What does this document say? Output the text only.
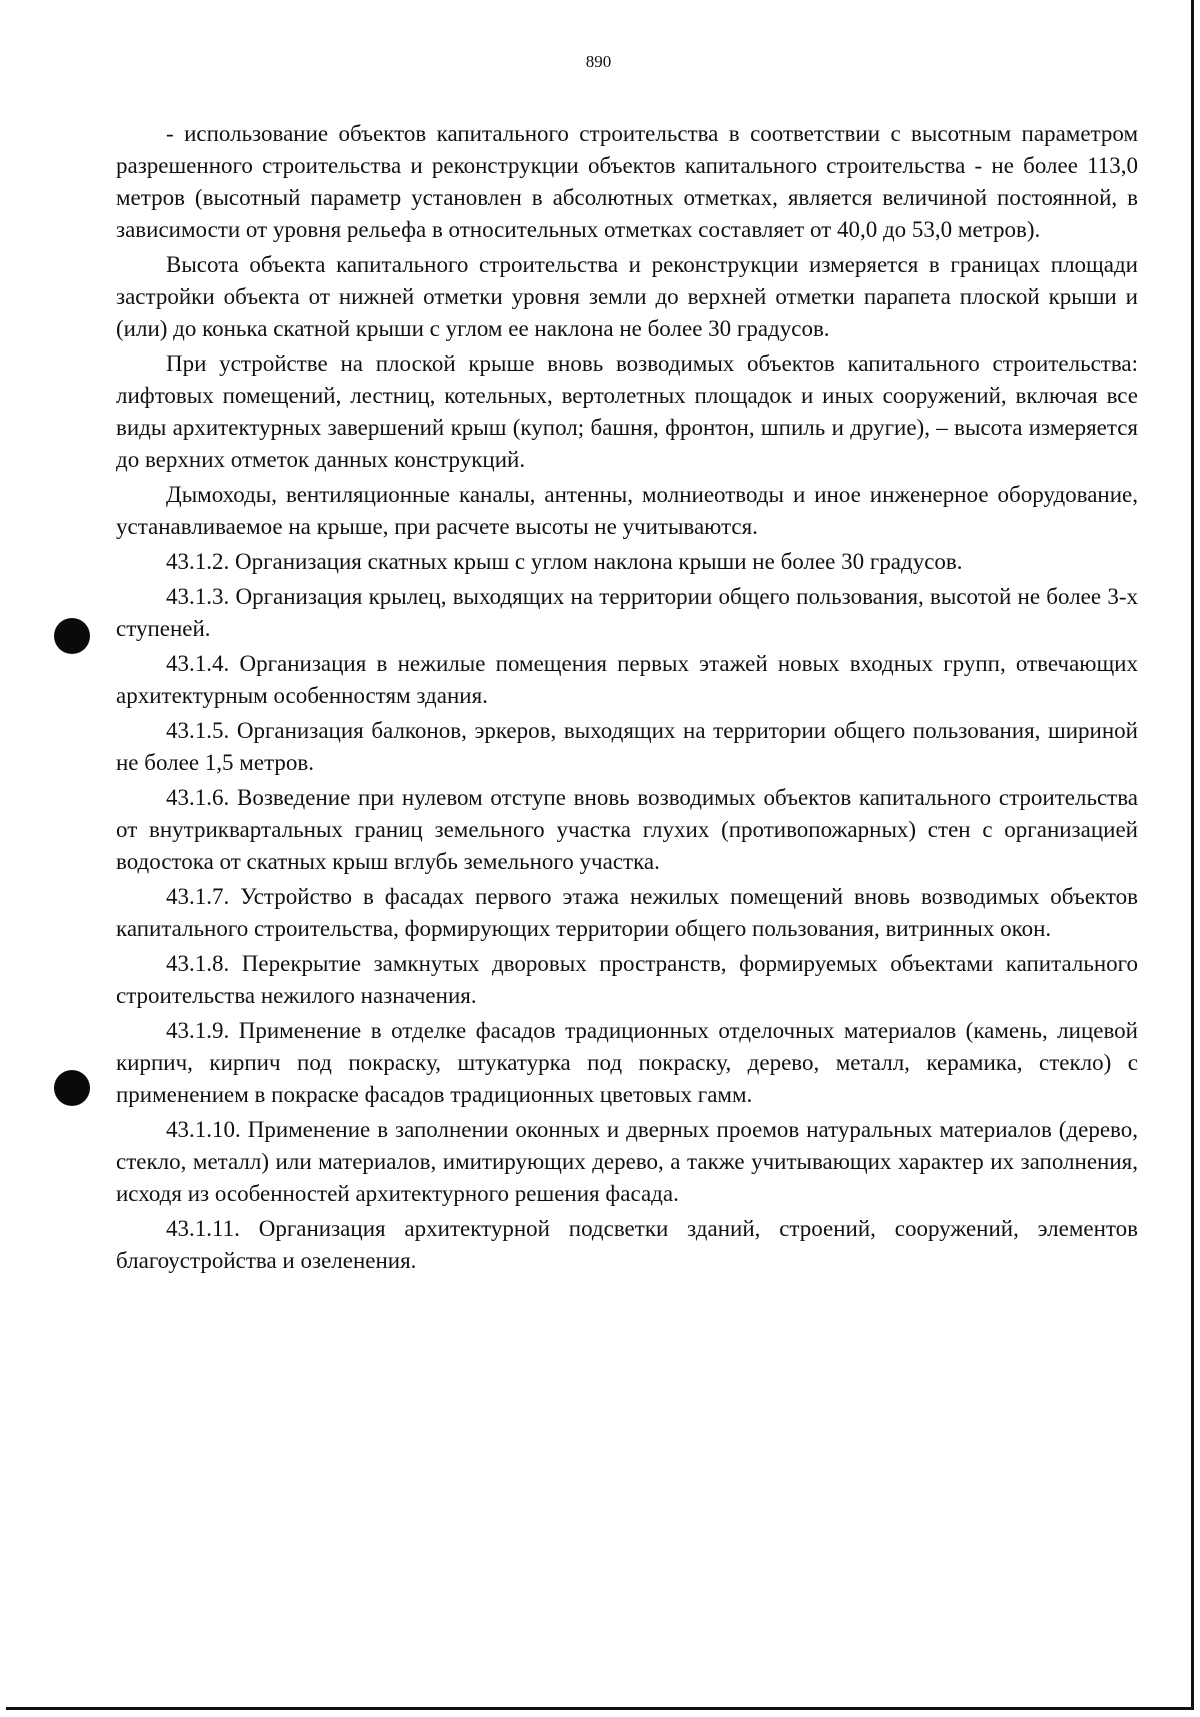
890

- использование объектов капитального строительства в соответствии с высотным параметром разрешенного строительства и реконструкции объектов капитального строительства - не более 113,0 метров (высотный параметр установлен в абсолютных отметках, является величиной постоянной, в зависимости от уровня рельефа в относительных отметках составляет от 40,0 до 53,0 метров).

Высота объекта капитального строительства и реконструкции измеряется в границах площади застройки объекта от нижней отметки уровня земли до верхней отметки парапета плоской крыши и (или) до конька скатной крыши с углом ее наклона не более 30 градусов.

При устройстве на плоской крыше вновь возводимых объектов капитального строительства: лифтовых помещений, лестниц, котельных, вертолетных площадок и иных сооружений, включая все виды архитектурных завершений крыш (купол; башня, фронтон, шпиль и другие), – высота измеряется до верхних отметок данных конструкций.

Дымоходы, вентиляционные каналы, антенны, молниеотводы и иное инженерное оборудование, устанавливаемое на крыше, при расчете высоты не учитываются.

43.1.2. Организация скатных крыш с углом наклона крыши не более 30 градусов.

43.1.3. Организация крылец, выходящих на территории общего пользования, высотой не более 3-х ступеней.

43.1.4. Организация в нежилые помещения первых этажей новых входных групп, отвечающих архитектурным особенностям здания.

43.1.5. Организация балконов, эркеров, выходящих на территории общего пользования, шириной не более 1,5 метров.

43.1.6. Возведение при нулевом отступе вновь возводимых объектов капитального строительства от внутриквартальных границ земельного участка глухих (противопожарных) стен с организацией водостока от скатных крыш вглубь земельного участка.

43.1.7. Устройство в фасадах первого этажа нежилых помещений вновь возводимых объектов капитального строительства, формирующих территории общего пользования, витринных окон.

43.1.8. Перекрытие замкнутых дворовых пространств, формируемых объектами капитального строительства нежилого назначения.

43.1.9. Применение в отделке фасадов традиционных отделочных материалов (камень, лицевой кирпич, кирпич под покраску, штукатурка под покраску, дерево, металл, керамика, стекло) с применением в покраске фасадов традиционных цветовых гамм.

43.1.10. Применение в заполнении оконных и дверных проемов натуральных материалов (дерево, стекло, металл) или материалов, имитирующих дерево, а также учитывающих характер их заполнения, исходя из особенностей архитектурного решения фасада.

43.1.11. Организация архитектурной подсветки зданий, строений, сооружений, элементов благоустройства и озеленения.
